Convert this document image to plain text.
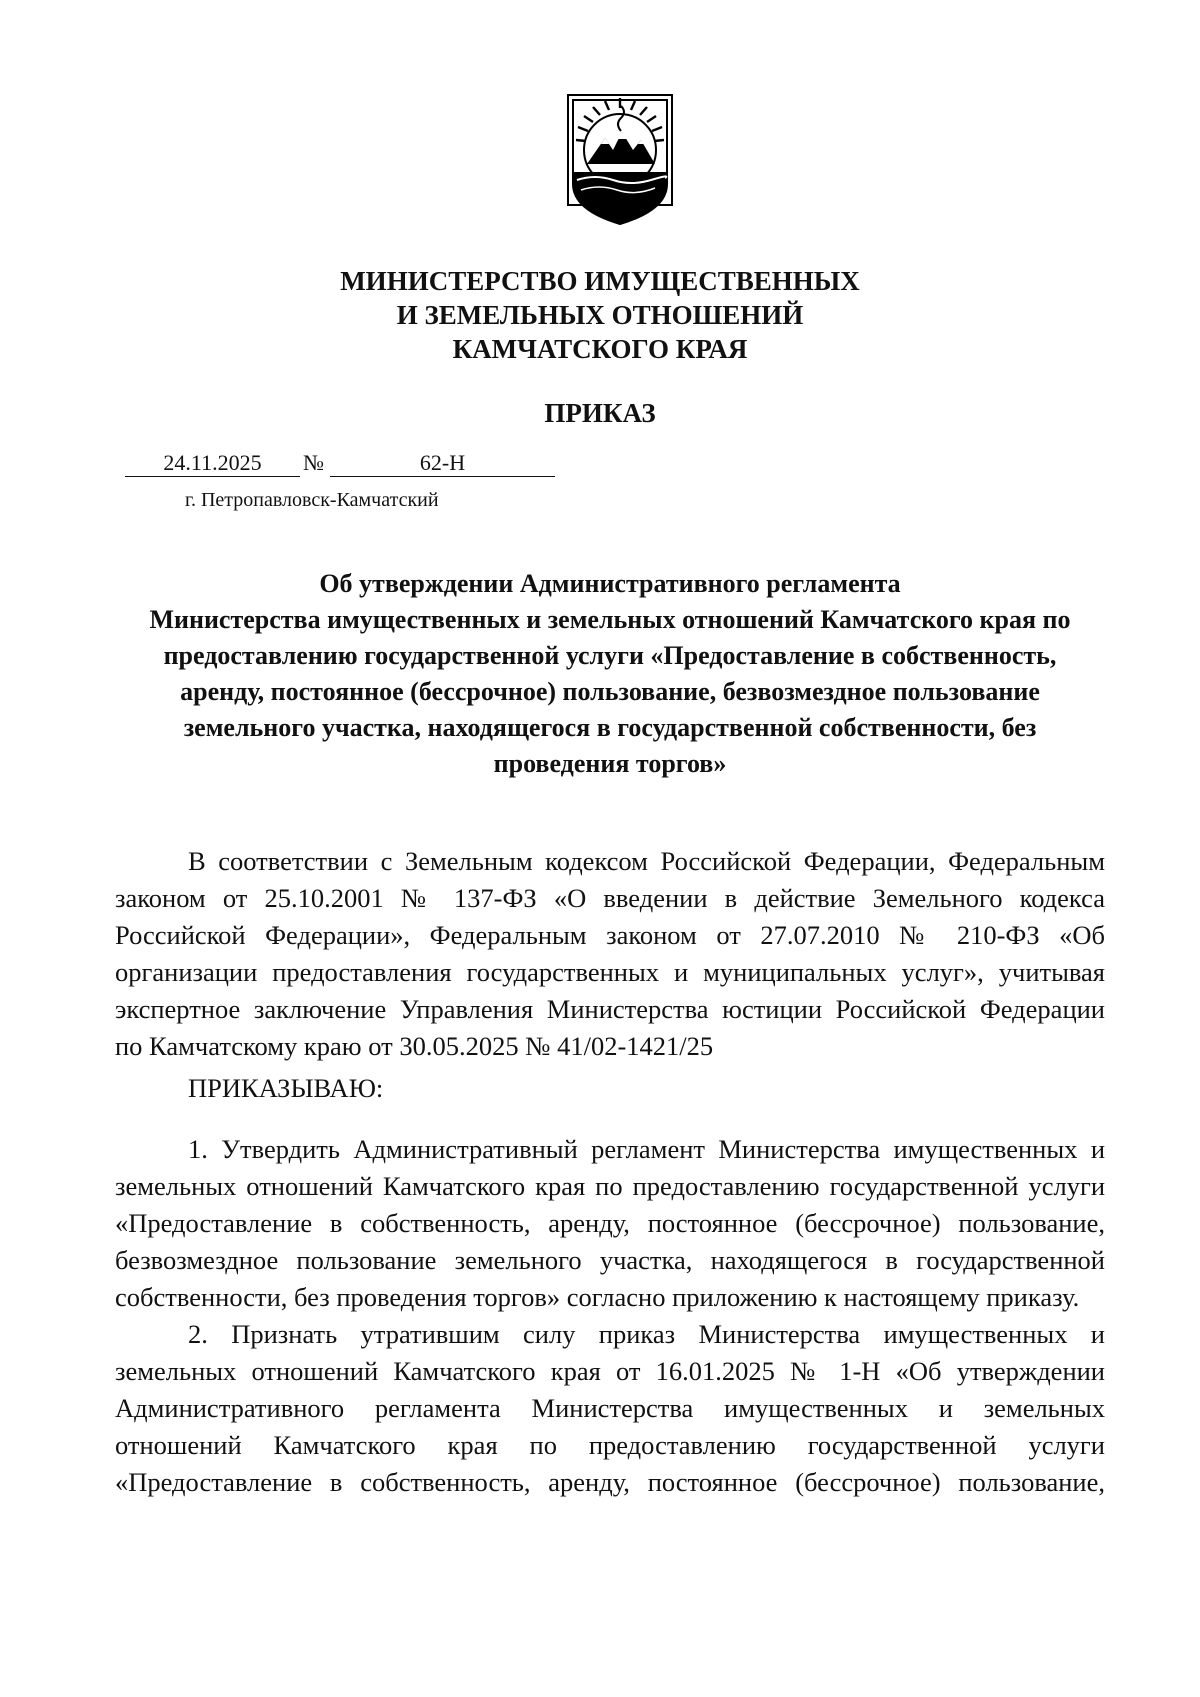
МИНИСТЕРСТВО ИМУЩЕСТВЕННЫХ
И ЗЕМЕЛЬНЫХ ОТНОШЕНИЙ
КАМЧАТСКОГО КРАЯ
ПРИКАЗ
24.11.2025	№	62-Н
г. Петропавловск-Камчатский
Об утверждении Административного регламента
Министерства имущественных и земельных отношений Камчатского края по
предоставлению государственной услуги «Предоставление в собственность,
аренду, постоянное (бессрочное) пользование, безвозмездное пользование
земельного участка, находящегося в государственной собственности, без
проведения торгов»
В соответствии с Земельным кодексом Российской Федерации, Федеральным
законом от 25.10.2001 № 137-ФЗ «О введении в действие Земельного кодекса
Российской Федерации», Федеральным законом от 27.07.2010 № 210-ФЗ «Об
организации предоставления государственных и муниципальных услуг», учитывая
экспертное заключение Управления Министерства юстиции Российской Федерации
по Камчатскому краю от 30.05.2025 № 41/02-1421/25
ПРИКАЗЫВАЮ:
1. Утвердить Административный регламент Министерства имущественных и
земельных отношений Камчатского края по предоставлению государственной услуги
«Предоставление в собственность, аренду, постоянное (бессрочное) пользование,
безвозмездное пользование земельного участка, находящегося в государственной
собственности, без проведения торгов» согласно приложению к настоящему приказу.
2. Признать утратившим силу приказ Министерства имущественных и
земельных отношений Камчатского края от 16.01.2025 № 1-Н «Об утверждении
Административного регламента Министерства имущественных и земельных
отношений Камчатского края по предоставлению государственной услуги
«Предоставление в собственность, аренду, постоянное (бессрочное) пользование,
